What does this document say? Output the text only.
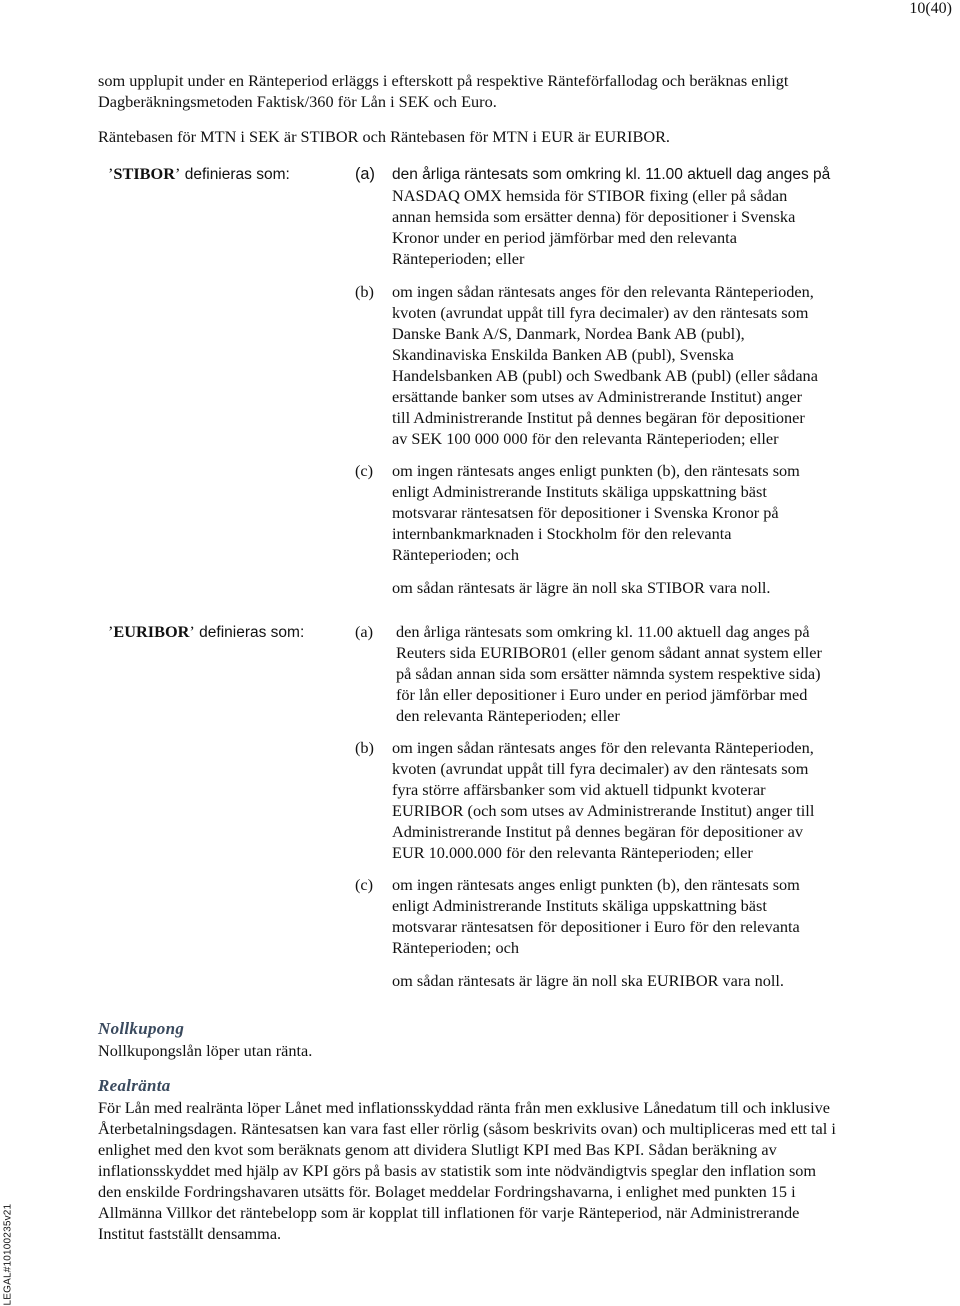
10(40)
LEGAL#10100235v21
som upplupit under en Ränteperiod erläggs i efterskott på respektive Ränteförfallodag och beräknas enligt
Dagberäkningsmetoden Faktisk/360 för Lån i SEK och Euro.
Räntebasen för MTN i SEK är STIBOR och Räntebasen för MTN i EUR är EURIBOR.
’STIBOR’ definieras som:	(a) den årliga räntesats som omkring kl. 11.00 aktuell dag anges på
NASDAQ OMX hemsida för STIBOR fixing (eller på sådan
annan hemsida som ersätter denna) för depositioner i Svenska
Kronor under en period jämförbar med den relevanta
Ränteperioden; eller
(b) om ingen sådan räntesats anges för den relevanta Ränteperioden,
kvoten (avrundat uppåt till fyra decimaler) av den räntesats som
Danske Bank A/S, Danmark, Nordea Bank AB (publ),
Skandinaviska Enskilda Banken AB (publ), Svenska
Handelsbanken AB (publ) och Swedbank AB (publ) (eller sådana
ersättande banker som utses av Administrerande Institut) anger
till Administrerande Institut på dennes begäran för depositioner
av SEK 100 000 000 för den relevanta Ränteperioden; eller
(c) om ingen räntesats anges enligt punkten (b), den räntesats som
enligt Administrerande Instituts skäliga uppskattning bäst
motsvarar räntesatsen för depositioner i Svenska Kronor på
internbankmarknaden i Stockholm för den relevanta
Ränteperioden; och
om sådan räntesats är lägre än noll ska STIBOR vara noll.
’EURIBOR’ definieras som:	(a) den årliga räntesats som omkring kl. 11.00 aktuell dag anges på
Reuters sida EURIBOR01 (eller genom sådant annat system eller
på sådan annan sida som ersätter nämnda system respektive sida)
för lån eller depositioner i Euro under en period jämförbar med
den relevanta Ränteperioden; eller
(b) om ingen sådan räntesats anges för den relevanta Ränteperioden,
kvoten (avrundat uppåt till fyra decimaler) av den räntesats som
fyra större affärsbanker som vid aktuell tidpunkt kvoterar
EURIBOR (och som utses av Administrerande Institut) anger till
Administrerande Institut på dennes begäran för depositioner av
EUR 10.000.000 för den relevanta Ränteperioden; eller
(c) om ingen räntesats anges enligt punkten (b), den räntesats som
enligt Administrerande Instituts skäliga uppskattning bäst
motsvarar räntesatsen för depositioner i Euro för den relevanta
Ränteperioden; och
om sådan räntesats är lägre än noll ska EURIBOR vara noll.
Nollkupong
Nollkupongslån löper utan ränta.
Realränta
För Lån med realränta löper Lånet med inflationsskyddad ränta från men exklusive Lånedatum till och inklusive
Återbetalningsdagen. Räntesatsen kan vara fast eller rörlig (såsom beskrivits ovan) och multipliceras med ett tal i
enlighet med den kvot som beräknats genom att dividera Slutligt KPI med Bas KPI. Sådan beräkning av
inflationsskyddet med hjälp av KPI görs på basis av statistik som inte nödvändigtvis speglar den inflation som
den enskilde Fordringshavaren utsätts för. Bolaget meddelar Fordringshavarna, i enlighet med punkten 15 i
Allmänna Villkor det räntebelopp som är kopplat till inflationen för varje Ränteperiod, när Administrerande
Institut fastställt densamma.
